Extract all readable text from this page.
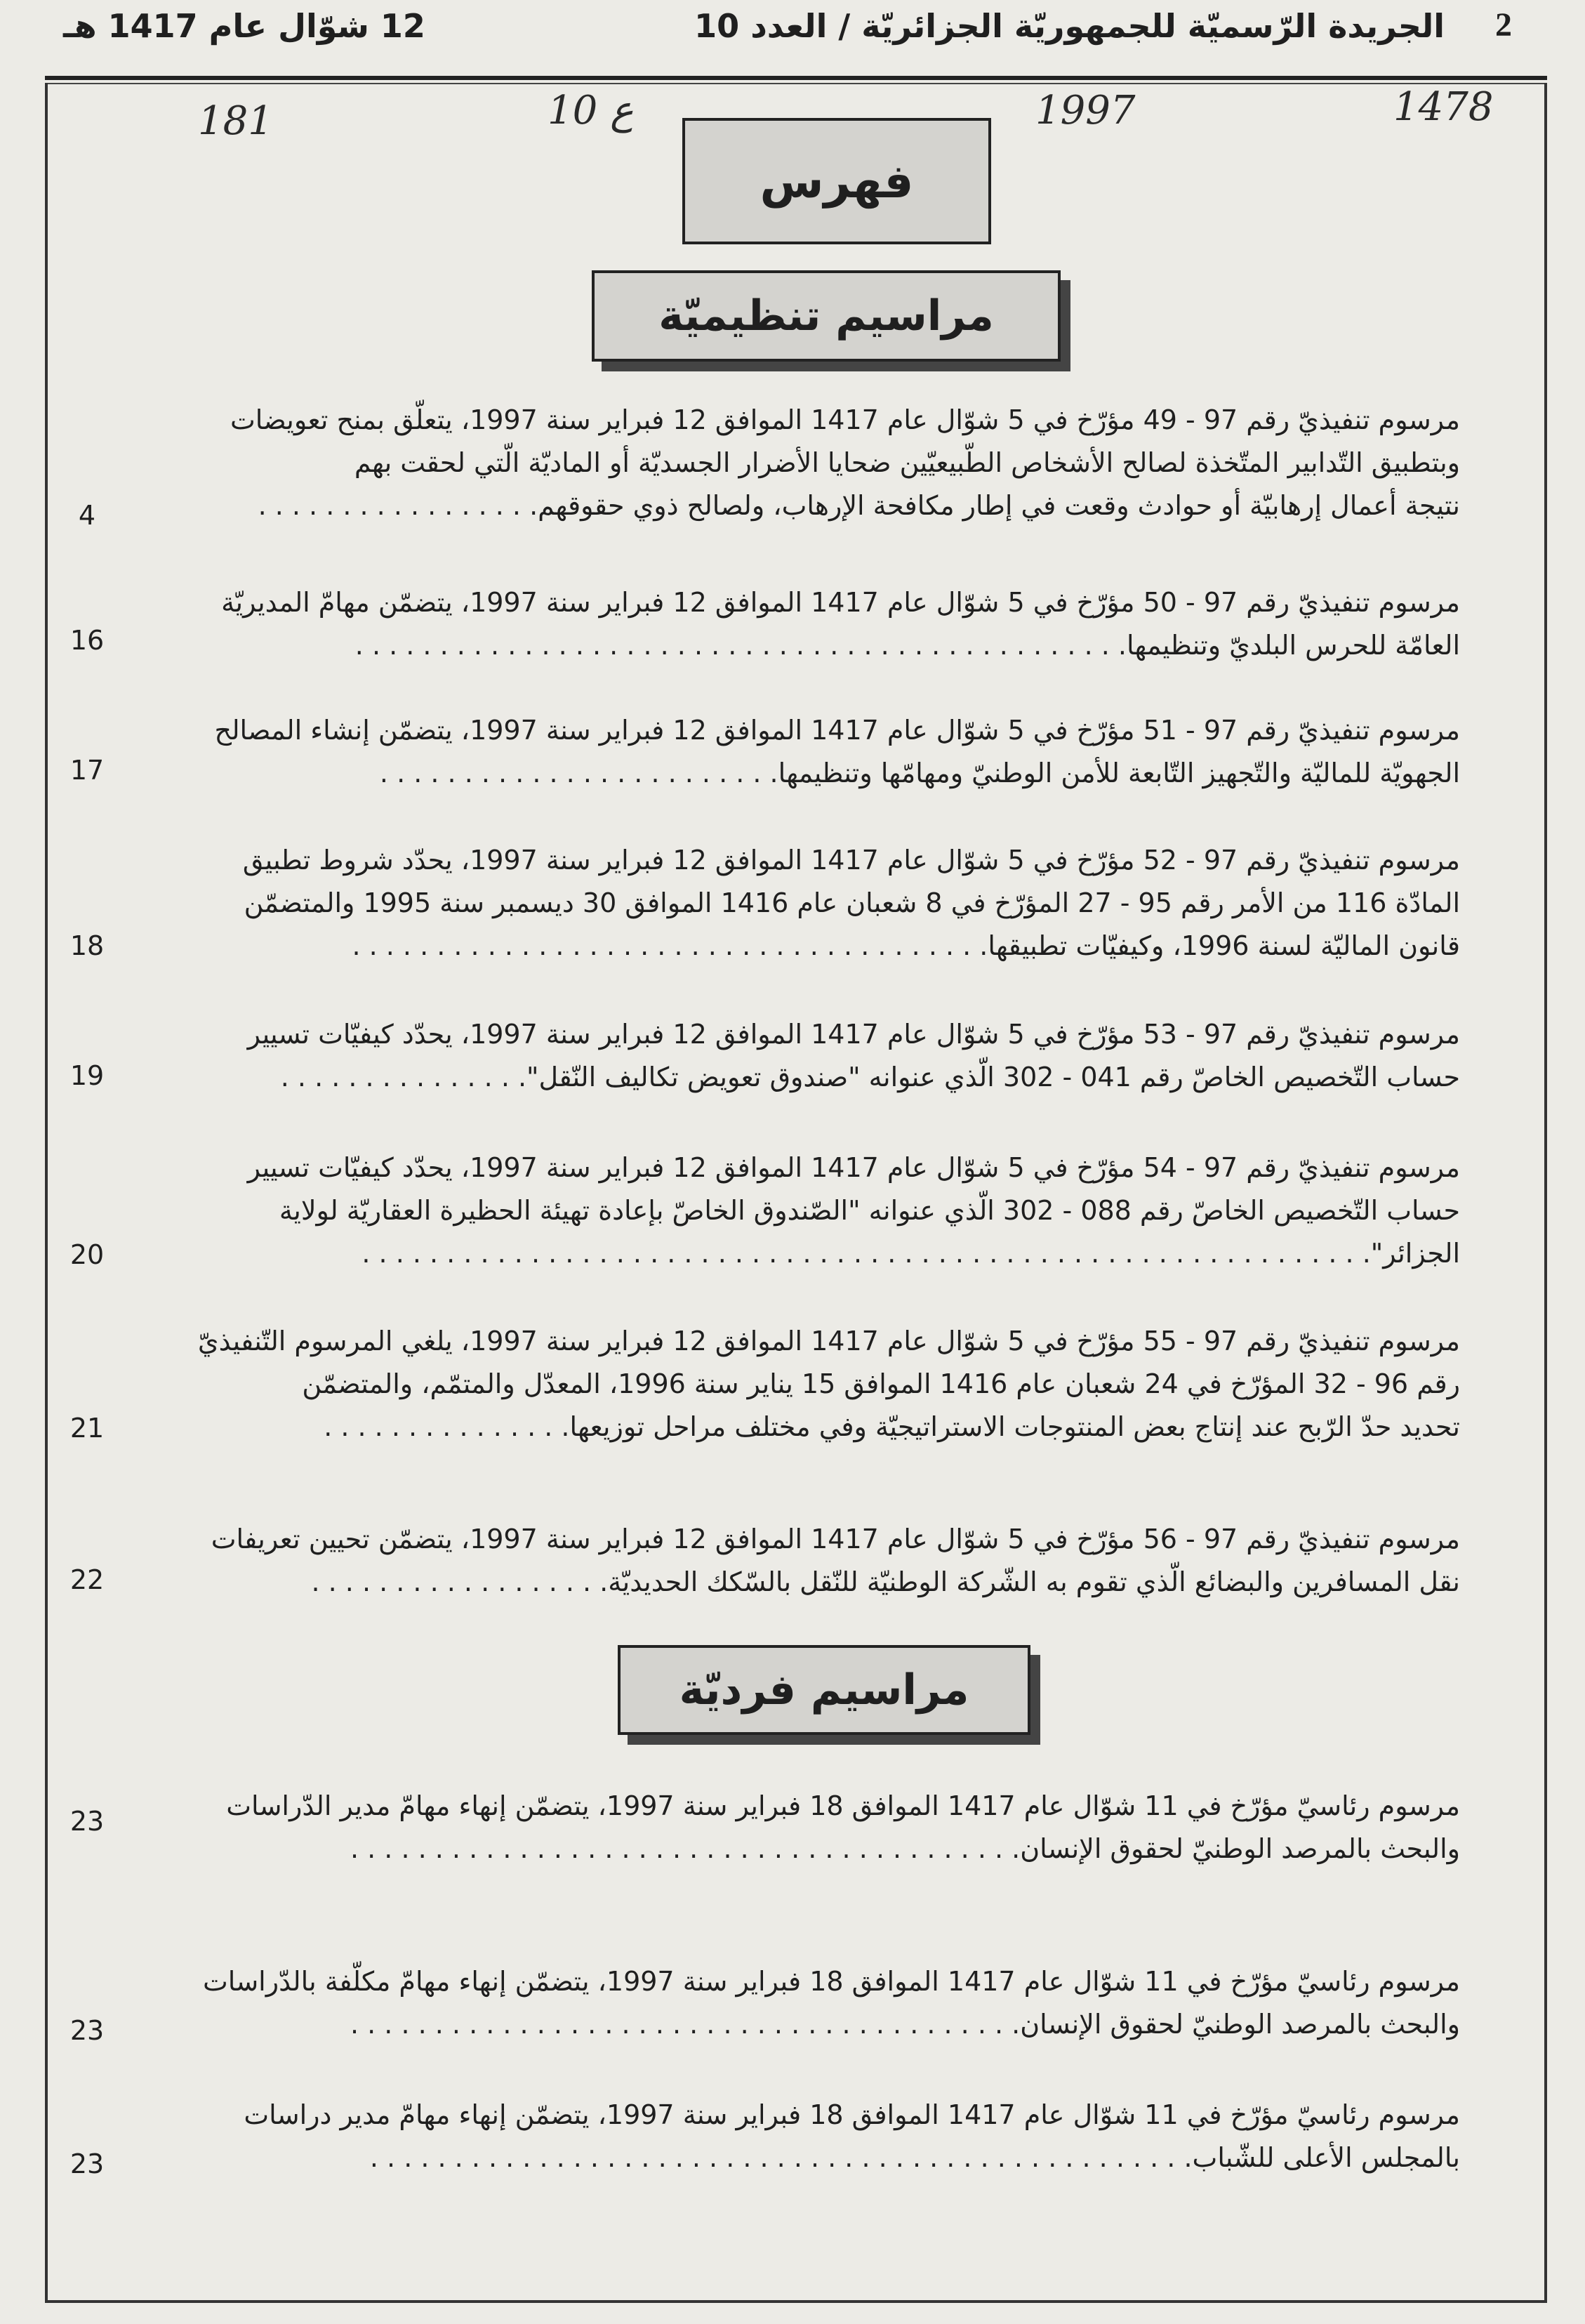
2
الجريدة الرّسميّة للجمهوريّة الجزائريّة / العدد 10
12 شوّال عام 1417 هـ
1478
1997
ع 10
181
فهرس
مراسيم تنظيميّة
مرسوم تنفيذيّ رقم 97 - 49 مؤرّخ في 5 شوّال عام 1417 الموافق 12 فبراير سنة 1997، يتعلّق بمنح تعويضات
وبتطبيق التّدابير المتّخذة لصالح الأشخاص الطّبيعيّين ضحايا الأضرار الجسديّة أو الماديّة الّتي لحقت بهم
نتيجة أعمال إرهابيّة أو حوادث وقعت في إطار مكافحة الإرهاب، ولصالح ذوي حقوقهم. . . . . . . . . . . . . . . . .
4
مرسوم تنفيذيّ رقم 97 - 50 مؤرّخ في 5 شوّال عام 1417 الموافق 12 فبراير سنة 1997، يتضمّن مهامّ المديريّة
العامّة للحرس البلديّ وتنظيمها. . . . . . . . . . . . . . . . . . . . . . . . . . . . . . . . . . . . . . . . . . . . . .
16
مرسوم تنفيذيّ رقم 97 - 51 مؤرّخ في 5 شوّال عام 1417 الموافق 12 فبراير سنة 1997، يتضمّن إنشاء المصالح
الجهويّة للماليّة والتّجهيز التّابعة للأمن الوطنيّ ومهامّها وتنظيمها. . . . . . . . . . . . . . . . . . . . . . . .
17
مرسوم تنفيذيّ رقم 97 - 52 مؤرّخ في 5 شوّال عام 1417 الموافق 12 فبراير سنة 1997، يحدّد شروط تطبيق
المادّة 116 من الأمر رقم 95 - 27 المؤرّخ في 8 شعبان عام 1416 الموافق 30 ديسمبر سنة 1995 والمتضمّن
قانون الماليّة لسنة 1996، وكيفيّات تطبيقها. . . . . . . . . . . . . . . . . . . . . . . . . . . . . . . . . . . . . .
18
مرسوم تنفيذيّ رقم 97 - 53 مؤرّخ في 5 شوّال عام 1417 الموافق 12 فبراير سنة 1997، يحدّد كيفيّات تسيير
حساب التّخصيص الخاصّ رقم 041 - 302 الّذي عنوانه "صندوق تعويض تكاليف النّقل". . . . . . . . . . . . . . .
19
مرسوم تنفيذيّ رقم 97 - 54 مؤرّخ في 5 شوّال عام 1417 الموافق 12 فبراير سنة 1997، يحدّد كيفيّات تسيير
حساب التّخصيص الخاصّ رقم 088 - 302 الّذي عنوانه "الصّندوق الخاصّ بإعادة تهيئة الحظيرة العقاريّة لولاية
الجزائر". . . . . . . . . . . . . . . . . . . . . . . . . . . . . . . . . . . . . . . . . . . . . . . . . . . . . . . . . . . .
20
مرسوم تنفيذيّ رقم 97 - 55 مؤرّخ في 5 شوّال عام 1417 الموافق 12 فبراير سنة 1997، يلغي المرسوم التّنفيذيّ
رقم 96 - 32 المؤرّخ في 24 شعبان عام 1416 الموافق 15 يناير سنة 1996، المعدّل والمتمّم، والمتضمّن
تحديد حدّ الرّبح عند إنتاج بعض المنتوجات الاستراتيجيّة وفي مختلف مراحل توزيعها. . . . . . . . . . . . . . .
21
مرسوم تنفيذيّ رقم 97 - 56 مؤرّخ في 5 شوّال عام 1417 الموافق 12 فبراير سنة 1997، يتضمّن تحيين تعريفات
نقل المسافرين والبضائع الّذي تقوم به الشّركة الوطنيّة للنّقل بالسّكك الحديديّة. . . . . . . . . . . . . . . . . .
22
مراسيم فرديّة
مرسوم رئاسيّ مؤرّخ في 11 شوّال عام 1417 الموافق 18 فبراير سنة 1997، يتضمّن إنهاء مهامّ مدير الدّراسات
والبحث بالمرصد الوطنيّ لحقوق الإنسان. . . . . . . . . . . . . . . . . . . . . . . . . . . . . . . . . . . . . . . .
23
مرسوم رئاسيّ مؤرّخ في 11 شوّال عام 1417 الموافق 18 فبراير سنة 1997، يتضمّن إنهاء مهامّ مكلّفة بالدّراسات
والبحث بالمرصد الوطنيّ لحقوق الإنسان. . . . . . . . . . . . . . . . . . . . . . . . . . . . . . . . . . . . . . . .
23
مرسوم رئاسيّ مؤرّخ في 11 شوّال عام 1417 الموافق 18 فبراير سنة 1997، يتضمّن إنهاء مهامّ مدير دراسات
بالمجلس الأعلى للشّباب. . . . . . . . . . . . . . . . . . . . . . . . . . . . . . . . . . . . . . . . . . . . . . . . .
23
